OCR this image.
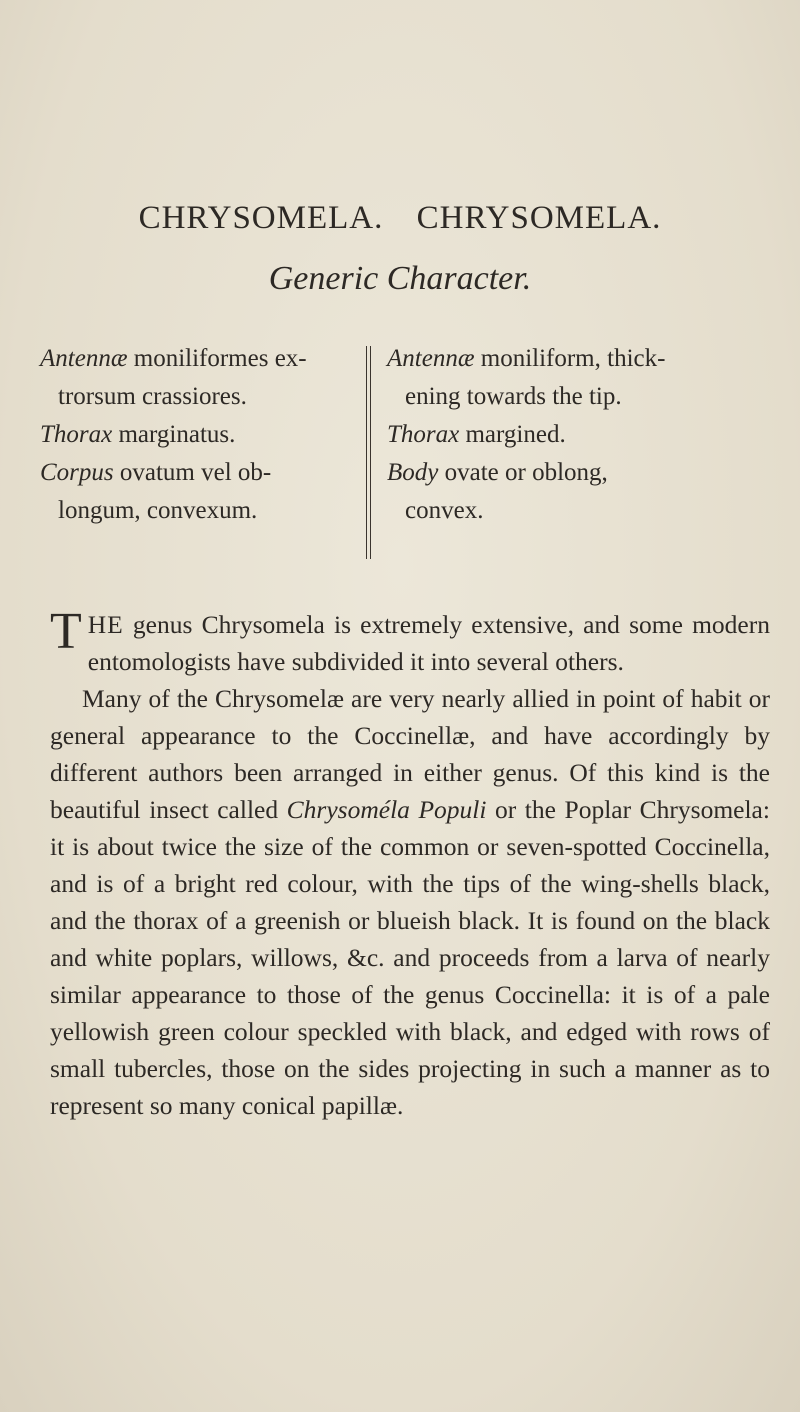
CHRYSOMELA. CHRYSOMELA.
Generic Character.
Antennæ moniliformes ex-
trorsum crassiores.
Thorax marginatus.
Corpus ovatum vel ob-
longum, convexum.
Antennæ moniliform, thick-
ening towards the tip.
Thorax margined.
Body ovate or oblong,
convex.

THE genus Chrysomela is extremely extensive, and some modern entomologists have subdivided it into several others.

Many of the Chrysomelæ are very nearly allied in point of habit or general appearance to the Coccinellæ, and have accordingly by different authors been arranged in either genus. Of this kind is the beautiful insect called Chrysoméla Populi or the Poplar Chrysomela: it is about twice the size of the common or seven-spotted Coccinella, and is of a bright red colour, with the tips of the wing-shells black, and the thorax of a greenish or blueish black. It is found on the black and white poplars, willows, &c. and proceeds from a larva of nearly similar appearance to those of the genus Coccinella: it is of a pale yellowish green colour speckled with black, and edged with rows of small tubercles, those on the sides projecting in such a manner as to represent so many conical papillæ.
